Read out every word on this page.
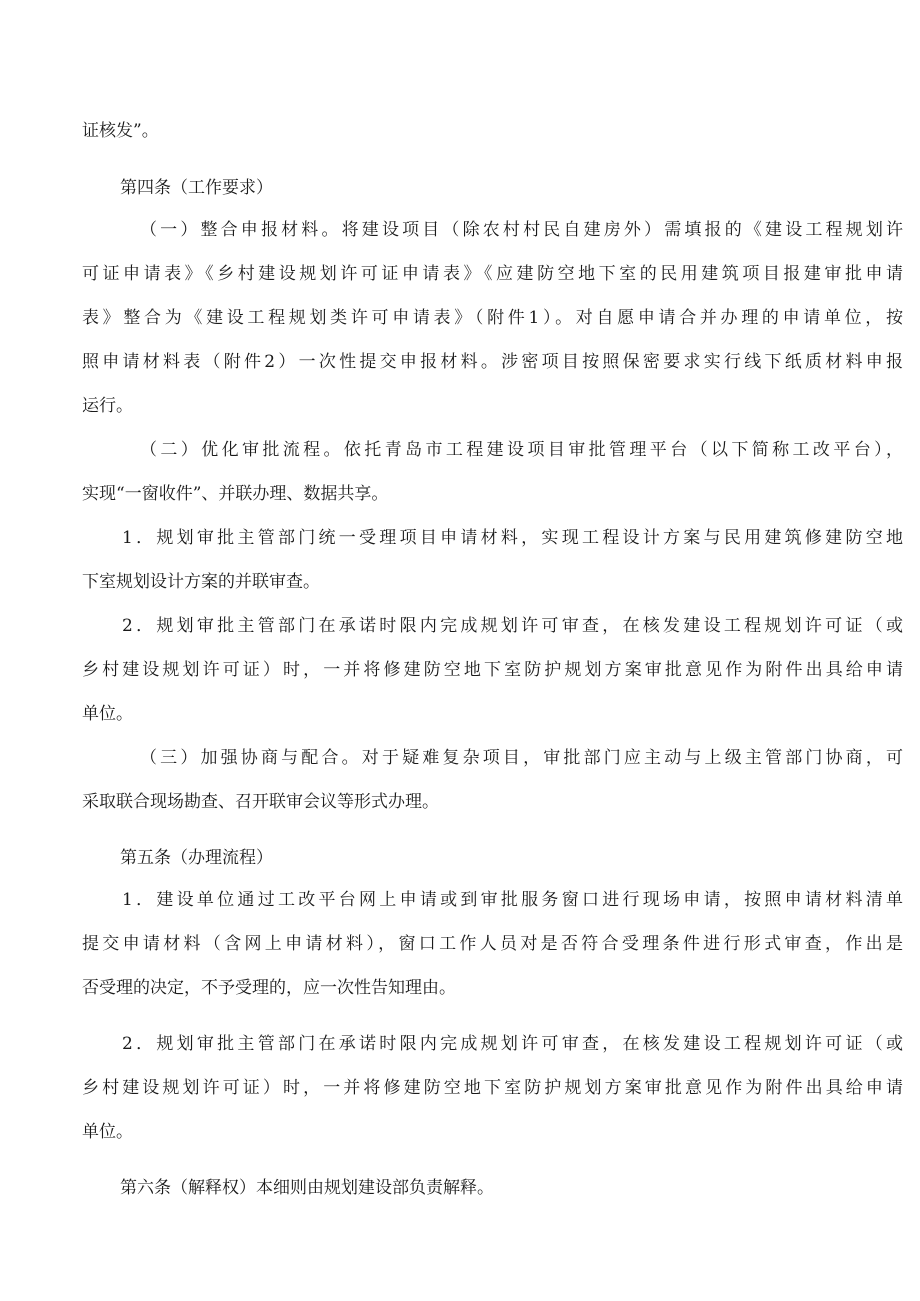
证核发”。
第四条（工作要求）
（一）整合申报材料。将建设项目（除农村村民自建房外）需填报的《建设工程规划许
可证申请表》《乡村建设规划许可证申请表》《应建防空地下室的民用建筑项目报建审批申请
表》整合为《建设工程规划类许可申请表》（附件1）。对自愿申请合并办理的申请单位，按
照申请材料表（附件2）一次性提交申报材料。涉密项目按照保密要求实行线下纸质材料申报
运行。
（二）优化审批流程。依托青岛市工程建设项目审批管理平台（以下简称工改平台），
实现“一窗收件”、并联办理、数据共享。
1．规划审批主管部门统一受理项目申请材料，实现工程设计方案与民用建筑修建防空地
下室规划设计方案的并联审查。
2．规划审批主管部门在承诺时限内完成规划许可审查，在核发建设工程规划许可证（或
乡村建设规划许可证）时，一并将修建防空地下室防护规划方案审批意见作为附件出具给申请
单位。
（三）加强协商与配合。对于疑难复杂项目，审批部门应主动与上级主管部门协商，可
采取联合现场勘查、召开联审会议等形式办理。
第五条（办理流程）
1．建设单位通过工改平台网上申请或到审批服务窗口进行现场申请，按照申请材料清单
提交申请材料（含网上申请材料），窗口工作人员对是否符合受理条件进行形式审查，作出是
否受理的决定，不予受理的，应一次性告知理由。
2．规划审批主管部门在承诺时限内完成规划许可审查，在核发建设工程规划许可证（或
乡村建设规划许可证）时，一并将修建防空地下室防护规划方案审批意见作为附件出具给申请
单位。
第六条（解释权）本细则由规划建设部负责解释。
